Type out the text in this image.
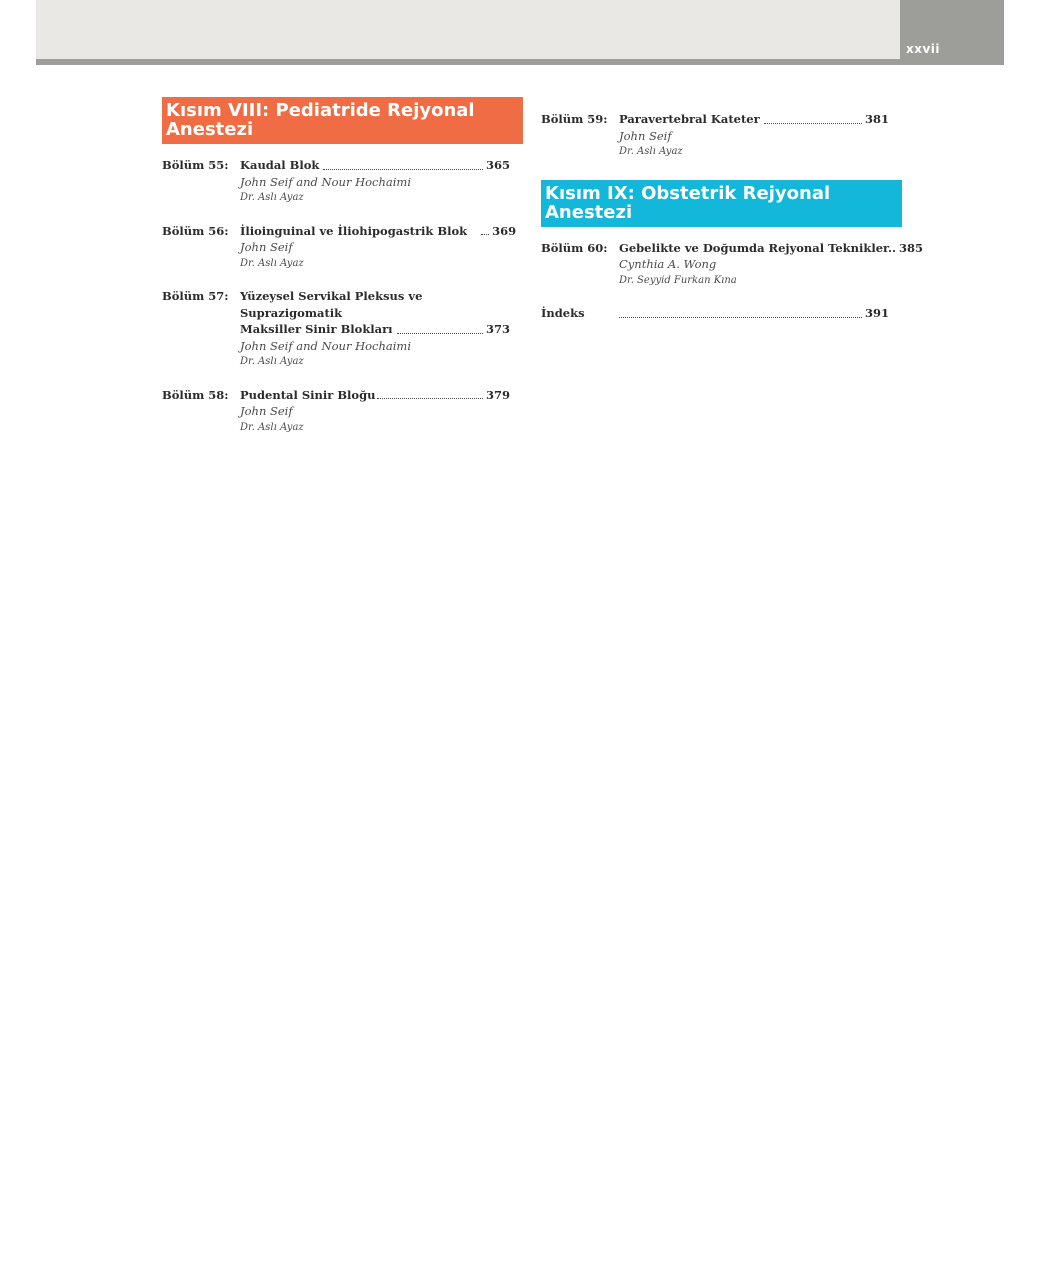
xxvii
Kısım VIII: Pediatride Rejyonal Anestezi
Bölüm 55: Kaudal Blok	365
John Seif and Nour Hochaimi
Dr. Aslı Ayaz
Bölüm 56: İlioinguinal ve İliohipogastrik Blok 369
John Seif
Dr. Aslı Ayaz
Bölüm 57: Yüzeysel Servikal Pleksus ve Suprazigomatik
Maksiller Sinir Blokları	373
John Seif and Nour Hochaimi
Dr. Aslı Ayaz
Bölüm 58: Pudental Sinir Bloğu	379
John Seif
Dr. Aslı Ayaz
Bölüm 59: Paravertebral Kateter	381
John Seif
Dr. Aslı Ayaz
Kısım IX: Obstetrik Rejyonal Anestezi
Bölüm 60: Gebelikte ve Doğumda Rejyonal Teknikler.. 385
Cynthia A. Wong
Dr. Seyyid Furkan Kına
İndeks	391
